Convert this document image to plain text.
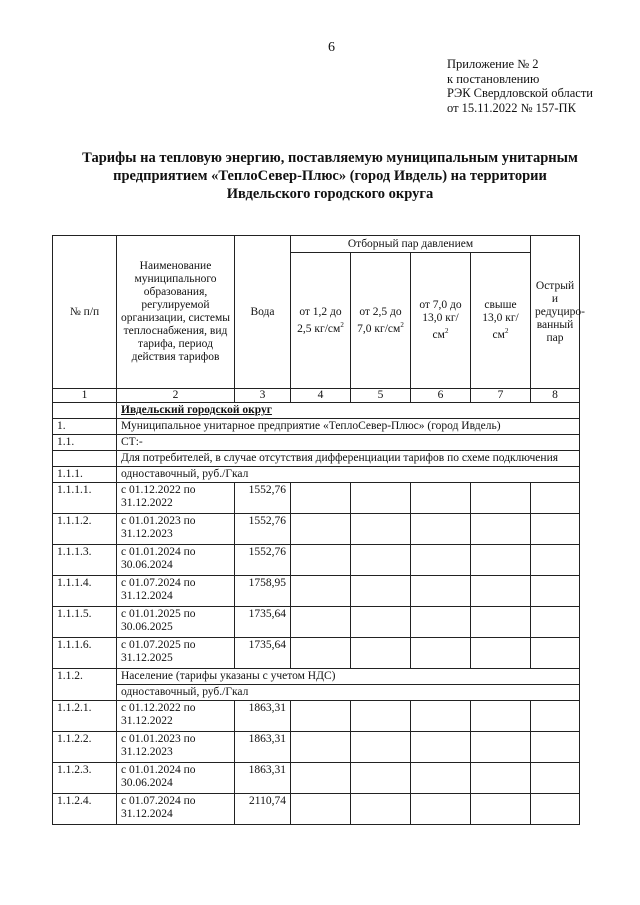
6
Приложение № 2
к постановлению
РЭК Свердловской области
от 15.11.2022 № 157-ПК
Тарифы на тепловую энергию, поставляемую муниципальным унитарным
предприятием «ТеплоСевер-Плюс» (город Ивдель) на территории
Ивдельского городского округа
№ п/п	Наименование муниципального образования, регулируемой организации, системы теплоснабжения, вид тарифа, период действия тарифов	Вода	Отборный пар давлением				Острый и редуциро-ванный пар
			от 1,2 до 2,5 $кг/см^2$	от 2,5 до 7,0 $кг/см^2$	от 7,0 до 13,0 $кг/см^2$	свыше 13,0 $кг/см^2$
1	2	3	4	5	6	7	8
	Ивдельский городской округ						
1.	Муниципальное унитарное предприятие «ТеплоСевер-Плюс» (город Ивдель)						
1.1.	СТ:-						
	Для потребителей, в случае отсутствия дифференциации тарифов по схеме подключения						
1.1.1.	одноставочный, руб./Гкал						
1.1.1.1.	с 01.12.2022 по 31.12.2022	1552,76					
1.1.1.2.	с 01.01.2023 по 31.12.2023	1552,76					
1.1.1.3.	с 01.01.2024 по 30.06.2024	1552,76					
1.1.1.4.	с 01.07.2024 по 31.12.2024	1758,95					
1.1.1.5.	с 01.01.2025 по 30.06.2025	1735,64					
1.1.1.6.	с 01.07.2025 по 31.12.2025	1735,64					
1.1.2.	Население (тарифы указаны с учетом НДС)						
	одноставочный, руб./Гкал						
1.1.2.1.	с 01.12.2022 по 31.12.2022	1863,31					
1.1.2.2.	с 01.01.2023 по 31.12.2023	1863,31					
1.1.2.3.	с 01.01.2024 по 30.06.2024	1863,31					
1.1.2.4.	с 01.07.2024 по 31.12.2024	2110,74					
